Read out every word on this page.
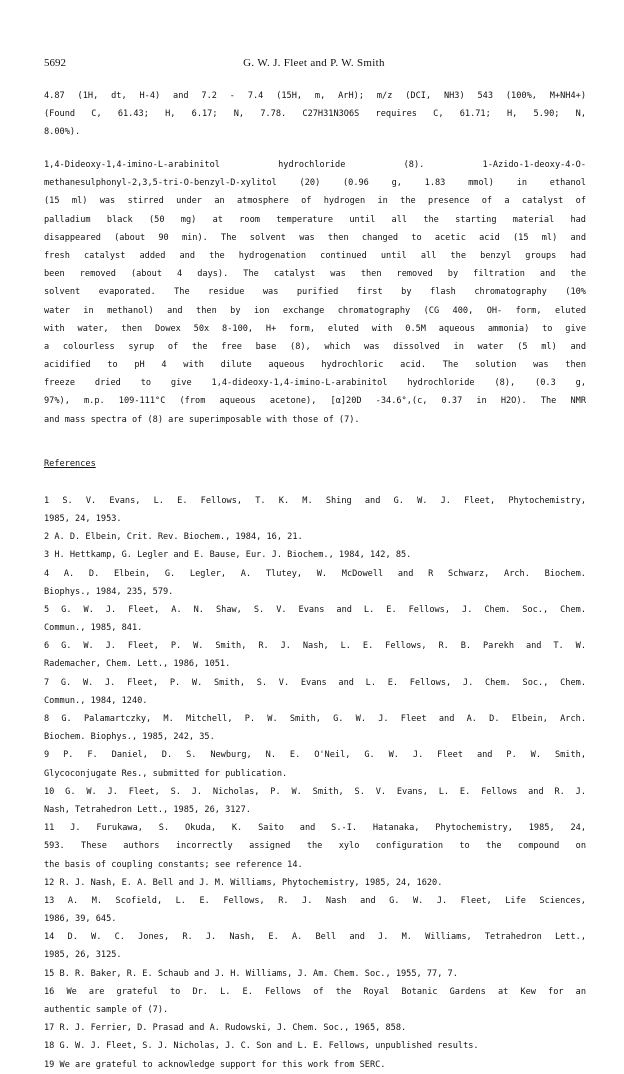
5692	G. W. J. Fleet and P. W. Smith
4.87 (1H, dt, H-4) and 7.2 - 7.4 (15H, m, ArH); m/z (DCI, NH3) 543 (100%, M+NH4+)
(Found C, 61.43; H, 6.17; N, 7.78. C27H31N3O6S requires C, 61.71; H, 5.90; N,
8.00%).
1,4-Dideoxy-1,4-imino-L-arabinitol hydrochloride (8). 1-Azido-1-deoxy-4-O-
methanesulphonyl-2,3,5-tri-O-benzyl-D-xylitol (20) (0.96 g, 1.83 mmol) in ethanol
(15 ml) was stirred under an atmosphere of hydrogen in the presence of a catalyst of
palladium black (50 mg) at room temperature until all the starting material had
disappeared (about 90 min). The solvent was then changed to acetic acid (15 ml) and
fresh catalyst added and the hydrogenation continued until all the benzyl groups had
been removed (about 4 days). The catalyst was then removed by filtration and the
solvent evaporated. The residue was purified first by flash chromatography (10%
water in methanol) and then by ion exchange chromatography (CG 400, OH- form, eluted
with water, then Dowex 50x 8-100, H+ form, eluted with 0.5M aqueous ammonia) to give
a colourless syrup of the free base (8), which was dissolved in water (5 ml) and
acidified to pH 4 with dilute aqueous hydrochloric acid. The solution was then
freeze dried to give 1,4-dideoxy-1,4-imino-L-arabinitol hydrochloride (8), (0.3 g,
97%), m.p. 109-111°C (from aqueous acetone), [α]20D -34.6°,(c, 0.37 in H2O). The NMR
and mass spectra of (8) are superimposable with those of (7).

References

1 S. V. Evans, L. E. Fellows, T. K. M. Shing and G. W. J. Fleet, Phytochemistry,
1985, 24, 1953.
2 A. D. Elbein, Crit. Rev. Biochem., 1984, 16, 21.
3 H. Hettkamp, G. Legler and E. Bause, Eur. J. Biochem., 1984, 142, 85.
4 A. D. Elbein, G. Legler, A. Tlutey, W. McDowell and R Schwarz, Arch. Biochem.
Biophys., 1984, 235, 579.
5 G. W. J. Fleet, A. N. Shaw, S. V. Evans and L. E. Fellows, J. Chem. Soc., Chem.
Commun., 1985, 841.
6 G. W. J. Fleet, P. W. Smith, R. J. Nash, L. E. Fellows, R. B. Parekh and T. W.
Rademacher, Chem. Lett., 1986, 1051.
7 G. W. J. Fleet, P. W. Smith, S. V. Evans and L. E. Fellows, J. Chem. Soc., Chem.
Commun., 1984, 1240.
8 G. Palamartczky, M. Mitchell, P. W. Smith, G. W. J. Fleet and A. D. Elbein, Arch.
Biochem. Biophys., 1985, 242, 35.
9 P. F. Daniel, D. S. Newburg, N. E. O'Neil, G. W. J. Fleet and P. W. Smith,
Glycoconjugate Res., submitted for publication.
10 G. W. J. Fleet, S. J. Nicholas, P. W. Smith, S. V. Evans, L. E. Fellows and R. J.
Nash, Tetrahedron Lett., 1985, 26, 3127.
11 J. Furukawa, S. Okuda, K. Saito and S.-I. Hatanaka, Phytochemistry, 1985, 24,
593. These authors incorrectly assigned the xylo configuration to the compound on
the basis of coupling constants; see reference 14.
12 R. J. Nash, E. A. Bell and J. M. Williams, Phytochemistry, 1985, 24, 1620.
13 A. M. Scofield, L. E. Fellows, R. J. Nash and G. W. J. Fleet, Life Sciences,
1986, 39, 645.
14 D. W. C. Jones, R. J. Nash, E. A. Bell and J. M. Williams, Tetrahedron Lett.,
1985, 26, 3125.
15 B. R. Baker, R. E. Schaub and J. H. Williams, J. Am. Chem. Soc., 1955, 77, 7.
16 We are grateful to Dr. L. E. Fellows of the Royal Botanic Gardens at Kew for an
authentic sample of (7).
17 R. J. Ferrier, D. Prasad and A. Rudowski, J. Chem. Soc., 1965, 858.
18 G. W. J. Fleet, S. J. Nicholas, J. C. Son and L. E. Fellows, unpublished results.
19 We are grateful to acknowledge support for this work from SERC.
